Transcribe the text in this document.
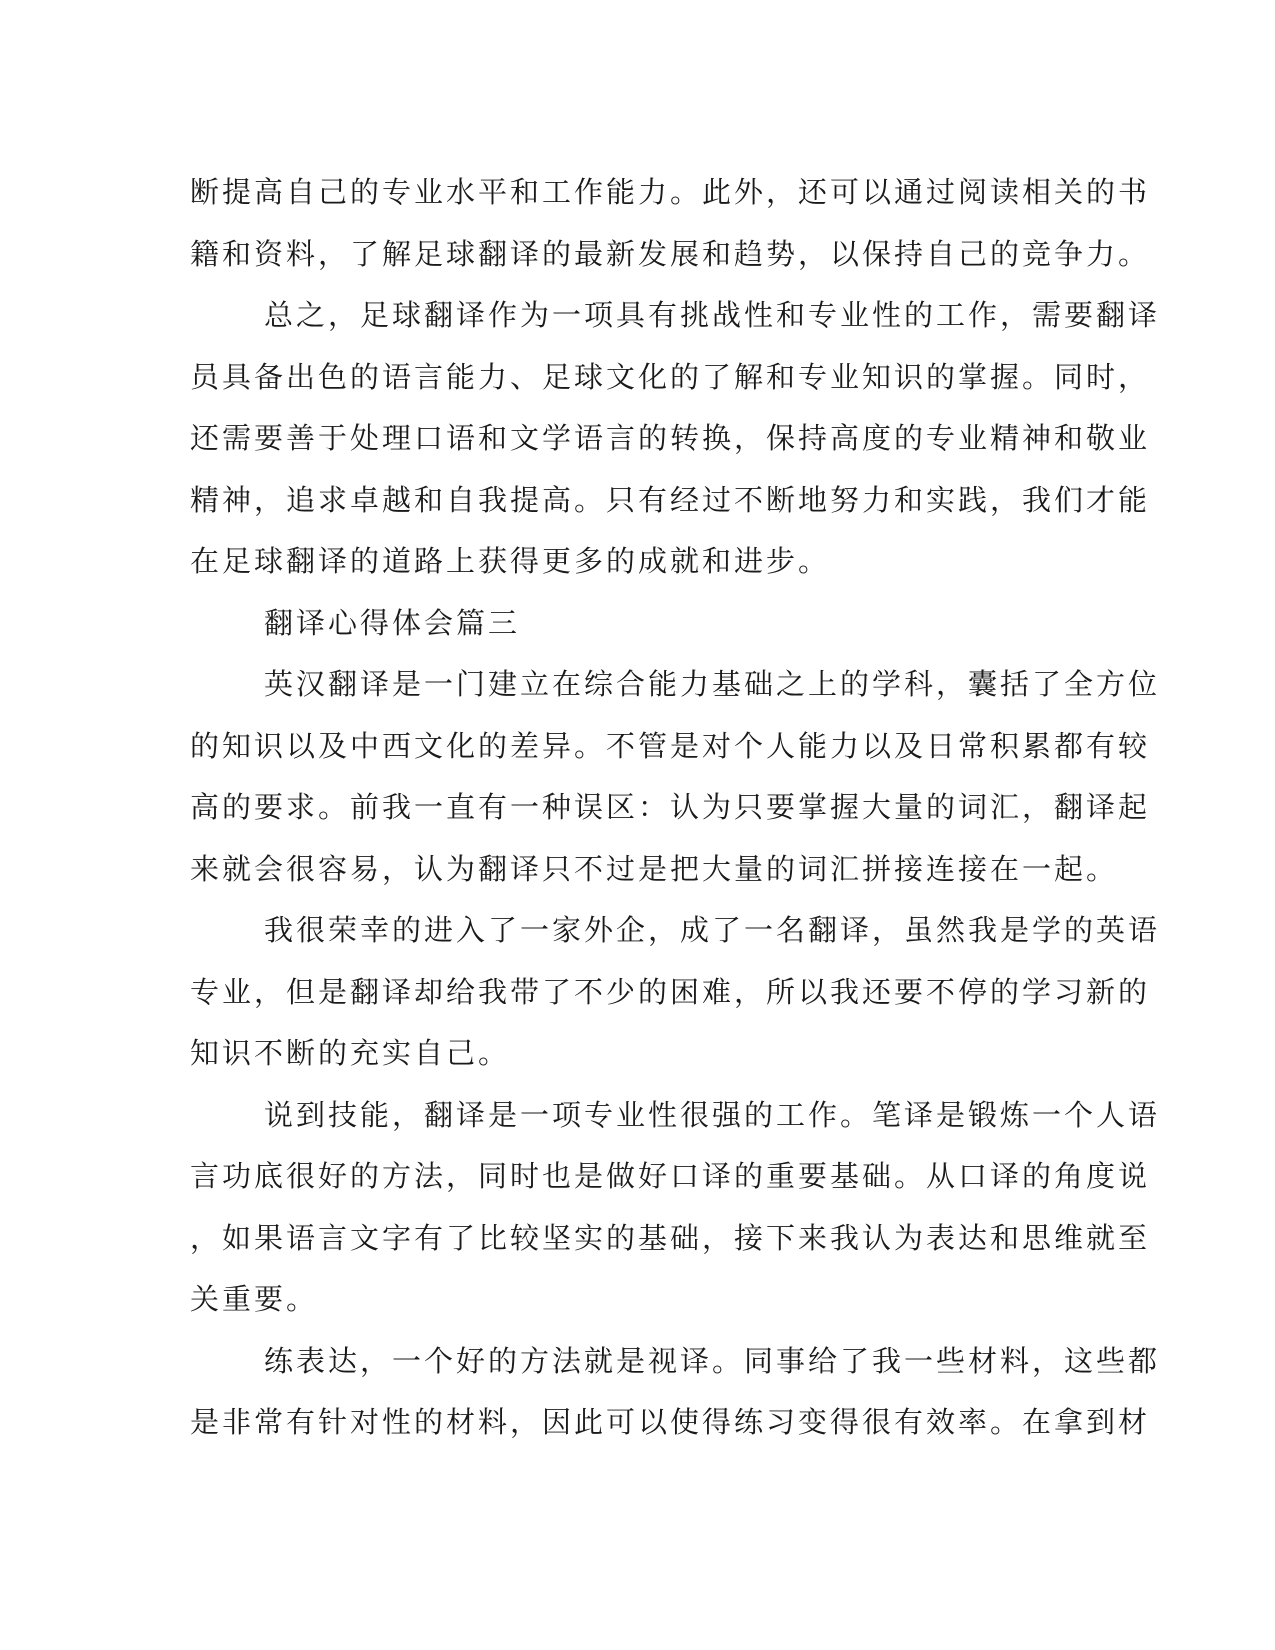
断提高自己的专业水平和工作能力。此外，还可以通过阅读相关的书
籍和资料，了解足球翻译的最新发展和趋势，以保持自己的竞争力。
总之，足球翻译作为一项具有挑战性和专业性的工作，需要翻译
员具备出色的语言能力、足球文化的了解和专业知识的掌握。同时，
还需要善于处理口语和文学语言的转换，保持高度的专业精神和敬业
精神，追求卓越和自我提高。只有经过不断地努力和实践，我们才能
在足球翻译的道路上获得更多的成就和进步。
翻译心得体会篇三
英汉翻译是一门建立在综合能力基础之上的学科，囊括了全方位
的知识以及中西文化的差异。不管是对个人能力以及日常积累都有较
高的要求。前我一直有一种误区：认为只要掌握大量的词汇，翻译起
来就会很容易，认为翻译只不过是把大量的词汇拼接连接在一起。
我很荣幸的进入了一家外企，成了一名翻译，虽然我是学的英语
专业，但是翻译却给我带了不少的困难，所以我还要不停的学习新的
知识不断的充实自己。
说到技能，翻译是一项专业性很强的工作。笔译是锻炼一个人语
言功底很好的方法，同时也是做好口译的重要基础。从口译的角度说
，如果语言文字有了比较坚实的基础，接下来我认为表达和思维就至
关重要。
练表达，一个好的方法就是视译。同事给了我一些材料，这些都
是非常有针对性的材料，因此可以使得练习变得很有效率。在拿到材
